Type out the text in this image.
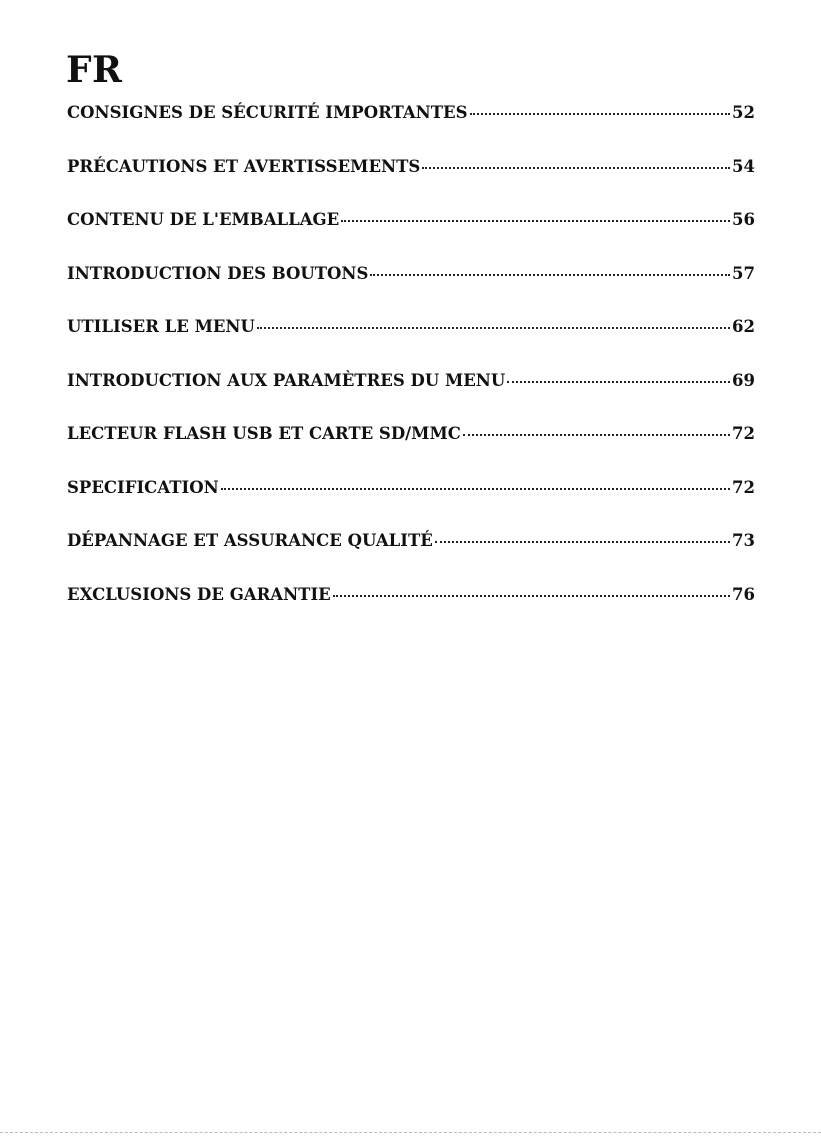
FR
CONSIGNES DE SÉCURITÉ IMPORTANTES	52
PRÉCAUTIONS ET AVERTISSEMENTS	54
CONTENU DE L'EMBALLAGE	56
INTRODUCTION DES BOUTONS	57
UTILISER LE MENU	62
INTRODUCTION AUX PARAMÈTRES DU MENU	69
LECTEUR FLASH USB ET CARTE SD/MMC	72
SPECIFICATION	72
DÉPANNAGE ET ASSURANCE QUALITÉ	73
EXCLUSIONS DE GARANTIE	76
